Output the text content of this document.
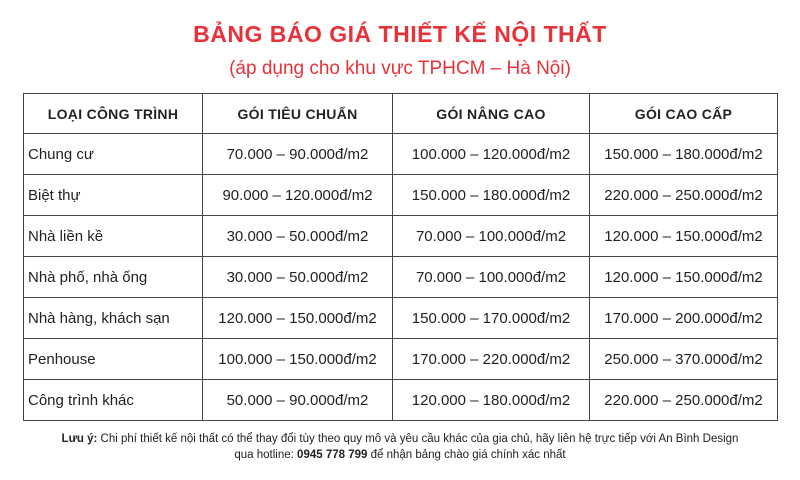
BẢNG BÁO GIÁ THIẾT KẾ NỘI THẤT
(áp dụng cho khu vực TPHCM – Hà Nội)
LOẠI CÔNG TRÌNH	GÓI TIÊU CHUẨN	GÓI NÂNG CAO	GÓI CAO CẤP
Chung cư	70.000 – 90.000đ/m2	100.000 – 120.000đ/m2	150.000 – 180.000đ/m2
Biệt thự	90.000 – 120.000đ/m2	150.000 – 180.000đ/m2	220.000 – 250.000đ/m2
Nhà liền kề	30.000 – 50.000đ/m2	70.000 – 100.000đ/m2	120.000 – 150.000đ/m2
Nhà phố, nhà ống	30.000 – 50.000đ/m2	70.000 – 100.000đ/m2	120.000 – 150.000đ/m2
Nhà hàng, khách sạn	120.000 – 150.000đ/m2	150.000 – 170.000đ/m2	170.000 – 200.000đ/m2
Penhouse	100.000 – 150.000đ/m2	170.000 – 220.000đ/m2	250.000 – 370.000đ/m2
Công trình khác	50.000 – 90.000đ/m2	120.000 – 180.000đ/m2	220.000 – 250.000đ/m2
Lưu ý: Chi phí thiết kế nội thất có thể thay đổi tùy theo quy mô và yêu cầu khác của gia chủ, hãy liên hệ trực tiếp với An Bình Design
qua hotline: 0945 778 799 để nhận bảng chào giá chính xác nhất
